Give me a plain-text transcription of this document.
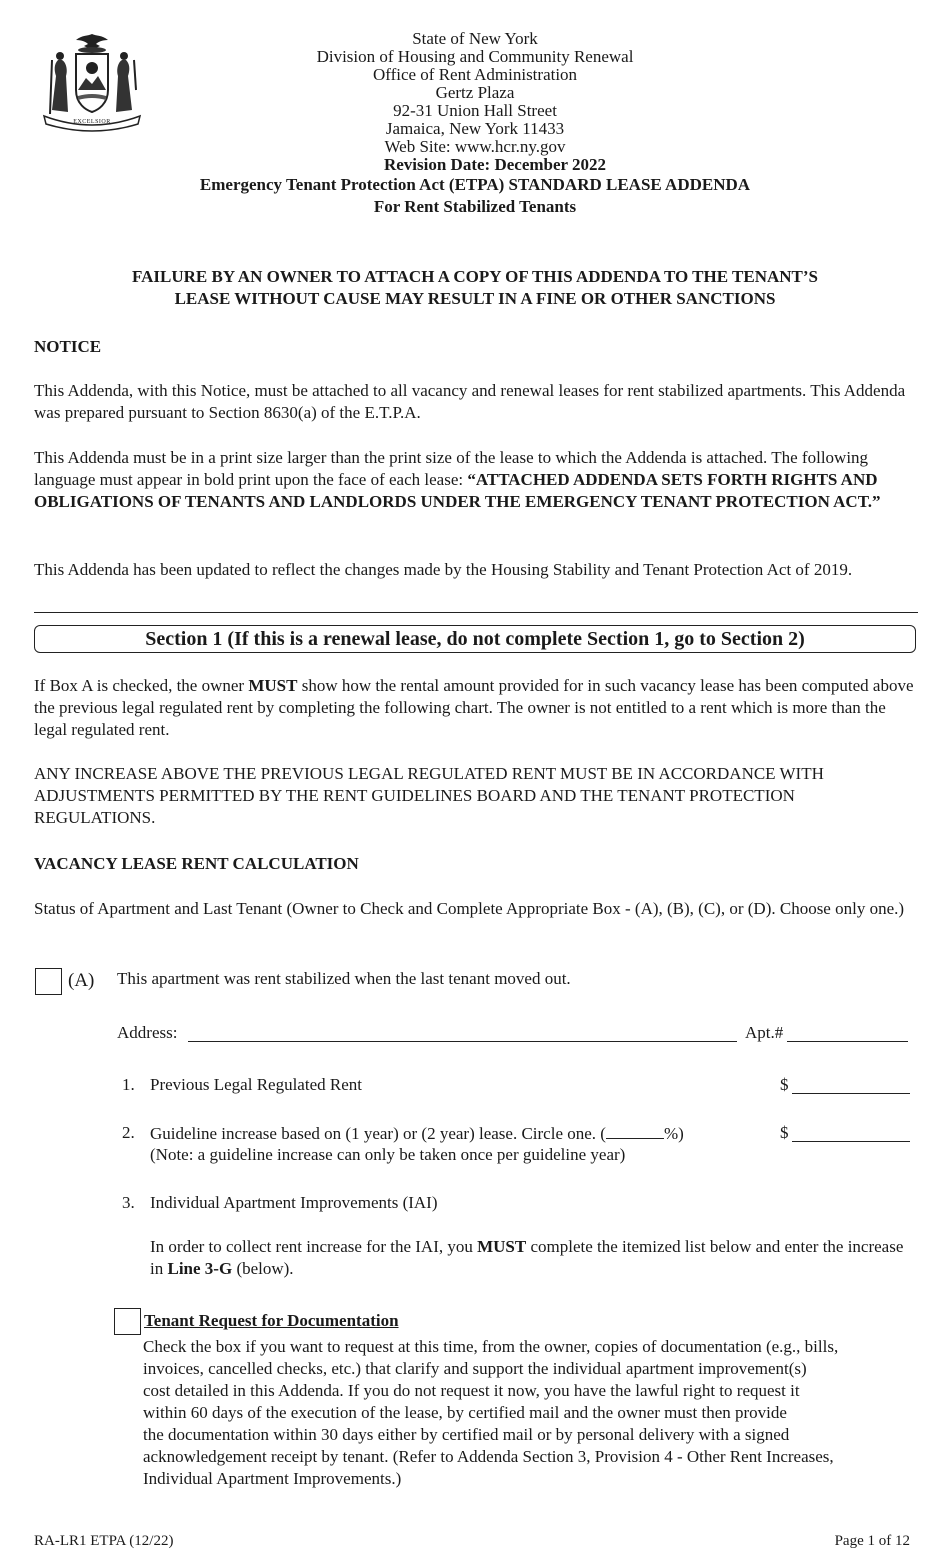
EXCELSIOR
State of New York
Division of Housing and Community Renewal
Office of Rent Administration
Gertz Plaza
92-31 Union Hall Street
Jamaica, New York 11433
Web Site: www.hcr.ny.gov
Revision Date: December 2022
Emergency Tenant Protection Act (ETPA) STANDARD LEASE ADDENDA
For Rent Stabilized Tenants
FAILURE BY AN OWNER TO ATTACH A COPY OF THIS ADDENDA TO THE TENANT’S
LEASE WITHOUT CAUSE MAY RESULT IN A FINE OR OTHER SANCTIONS
NOTICE
This Addenda, with this Notice, must be attached to all vacancy and renewal leases for rent stabilized apartments. This Addenda was prepared pursuant to Section 8630(a) of the E.T.P.A.
This Addenda must be in a print size larger than the print size of the lease to which the Addenda is attached. The following language must appear in bold print upon the face of each lease: “ATTACHED ADDENDA SETS FORTH RIGHTS AND OBLIGATIONS OF TENANTS AND LANDLORDS UNDER THE EMERGENCY TENANT PROTECTION ACT.”
This Addenda has been updated to reflect the changes made by the Housing Stability and Tenant Protection Act of 2019.
Section 1 (If this is a renewal lease, do not complete Section 1, go to Section 2)
If Box A is checked, the owner MUST show how the rental amount provided for in such vacancy lease has been computed above the previous legal regulated rent by completing the following chart. The owner is not entitled to a rent which is more than the legal regulated rent.
ANY INCREASE ABOVE THE PREVIOUS LEGAL REGULATED RENT MUST BE IN ACCORDANCE WITH ADJUSTMENTS PERMITTED BY THE RENT GUIDELINES BOARD AND THE TENANT PROTECTION REGULATIONS.
VACANCY LEASE RENT CALCULATION
Status of Apartment and Last Tenant (Owner to Check and Complete Appropriate Box - (A), (B), (C), or (D). Choose only one.)
(A) This apartment was rent stabilized when the last tenant moved out.
Address:	Apt.#
1. Previous Legal Regulated Rent	$
2. Guideline increase based on (1 year) or (2 year) lease. Circle one. (	%)
(Note: a guideline increase can only be taken once per guideline year)
$
3. Individual Apartment Improvements (IAI)
In order to collect rent increase for the IAI, you MUST complete the itemized list below and enter the increase in Line 3-G (below).
Tenant Request for Documentation
Check the box if you want to request at this time, from the owner, copies of documentation (e.g., bills,
invoices, cancelled checks, etc.) that clarify and support the individual apartment improvement(s)
cost detailed in this Addenda. If you do not request it now, you have the lawful right to request it
within 60 days of the execution of the lease, by certified mail and the owner must then provide
the documentation within 30 days either by certified mail or by personal delivery with a signed
acknowledgement receipt by tenant. (Refer to Addenda Section 3, Provision 4 - Other Rent Increases,
Individual Apartment Improvements.)
RA-LR1 ETPA (12/22)	Page 1 of 12
